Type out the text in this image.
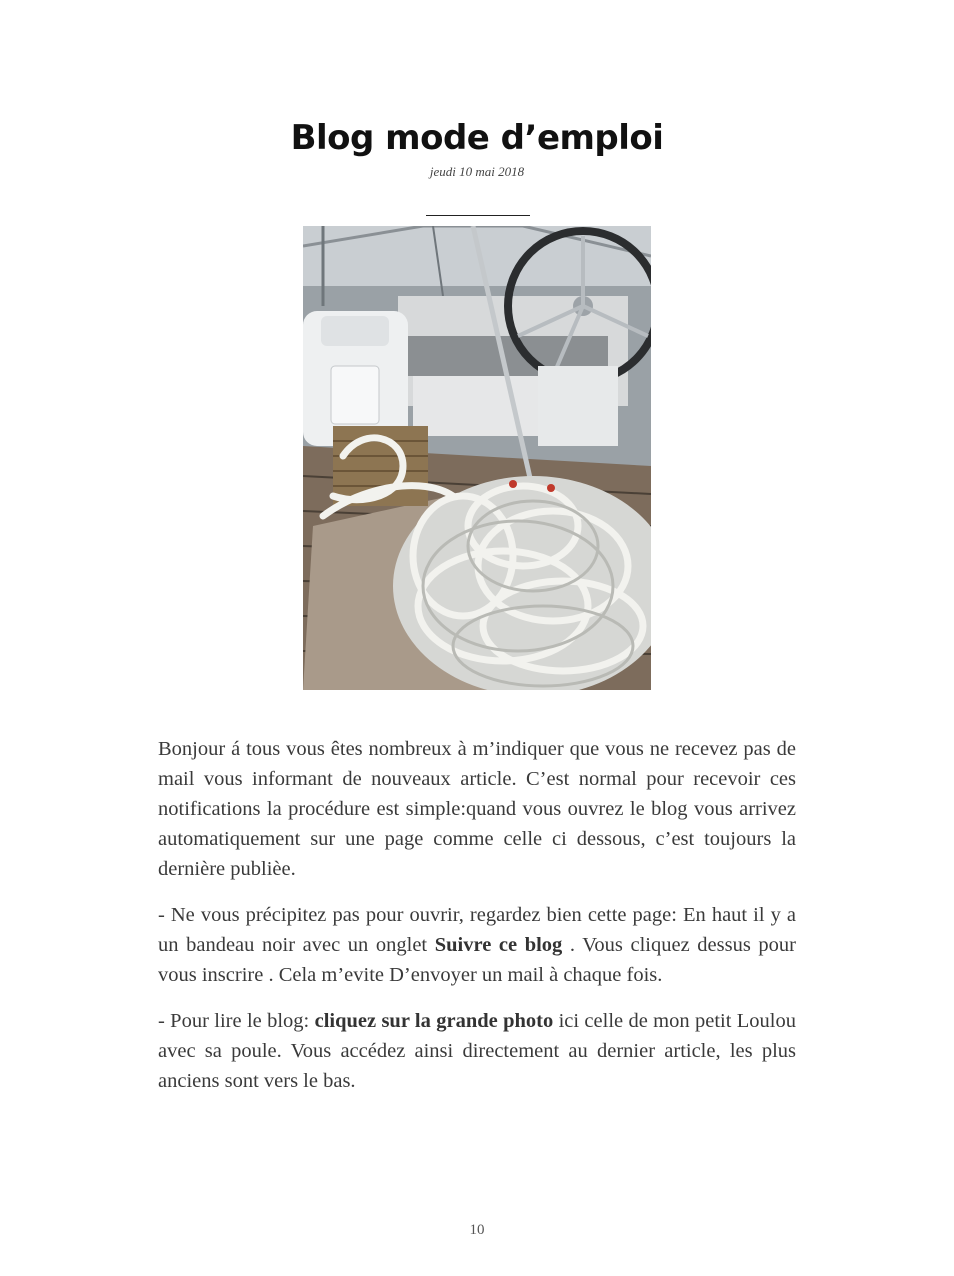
Blog mode d’emploi
jeudi 10 mai 2018

Bonjour á tous vous êtes nombreux à m’indiquer que vous ne recevez pas de mail vous informant de nouveaux article. C’est normal pour recevoir ces notifications la procédure est simple:quand vous ouvrez le blog vous arrivez automatiquement sur une page comme celle ci dessous, c’est toujours la dernière publièe.

- Ne vous précipitez pas pour ouvrir, regardez bien cette page: En haut il y a un bandeau noir avec un onglet Suivre ce blog . Vous cliquez dessus pour vous inscrire . Cela m’evite D’envoyer un mail à chaque fois.

- Pour lire le blog: cliquez sur la grande photo ici celle de mon petit Loulou avec sa poule. Vous accédez ainsi directement au dernier article, les plus anciens sont vers le bas.

10
